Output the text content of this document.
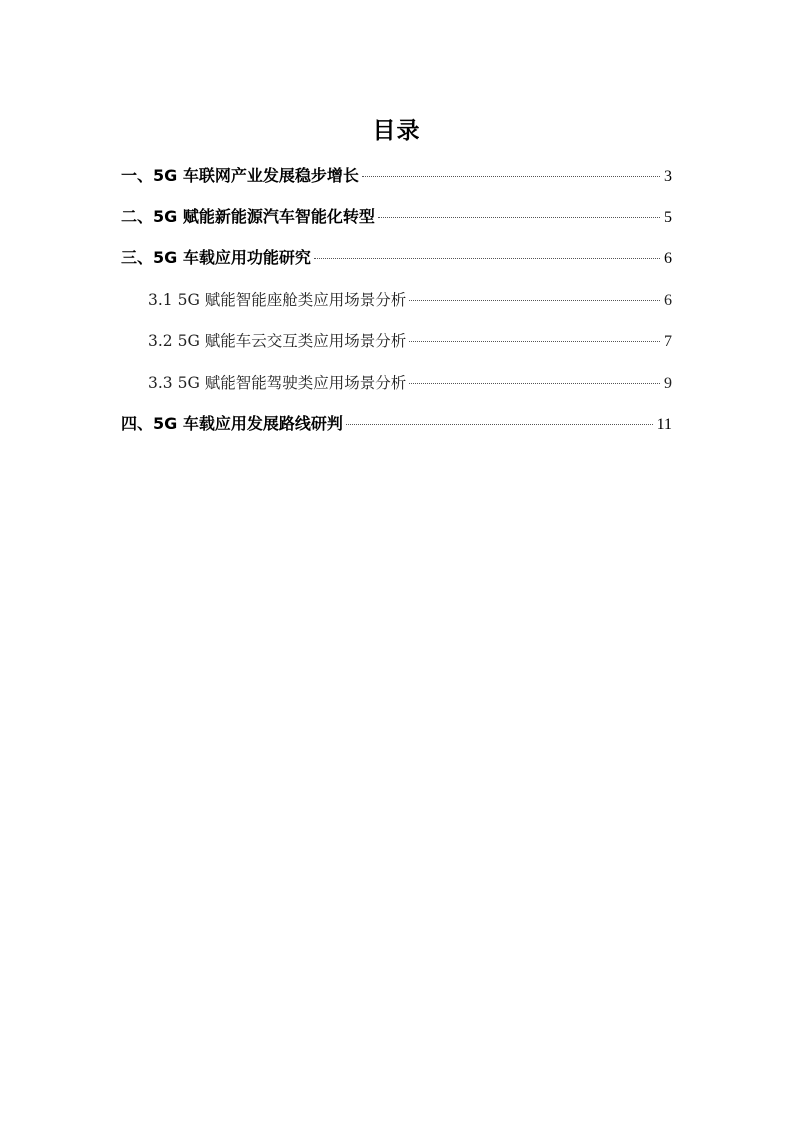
目录
一、5G 车联网产业发展稳步增长	3
二、5G 赋能新能源汽车智能化转型	5
三、5G 车载应用功能研究	6
3.1 5G 赋能智能座舱类应用场景分析	6
3.2 5G 赋能车云交互类应用场景分析	7
3.3 5G 赋能智能驾驶类应用场景分析	9
四、5G 车载应用发展路线研判	11
